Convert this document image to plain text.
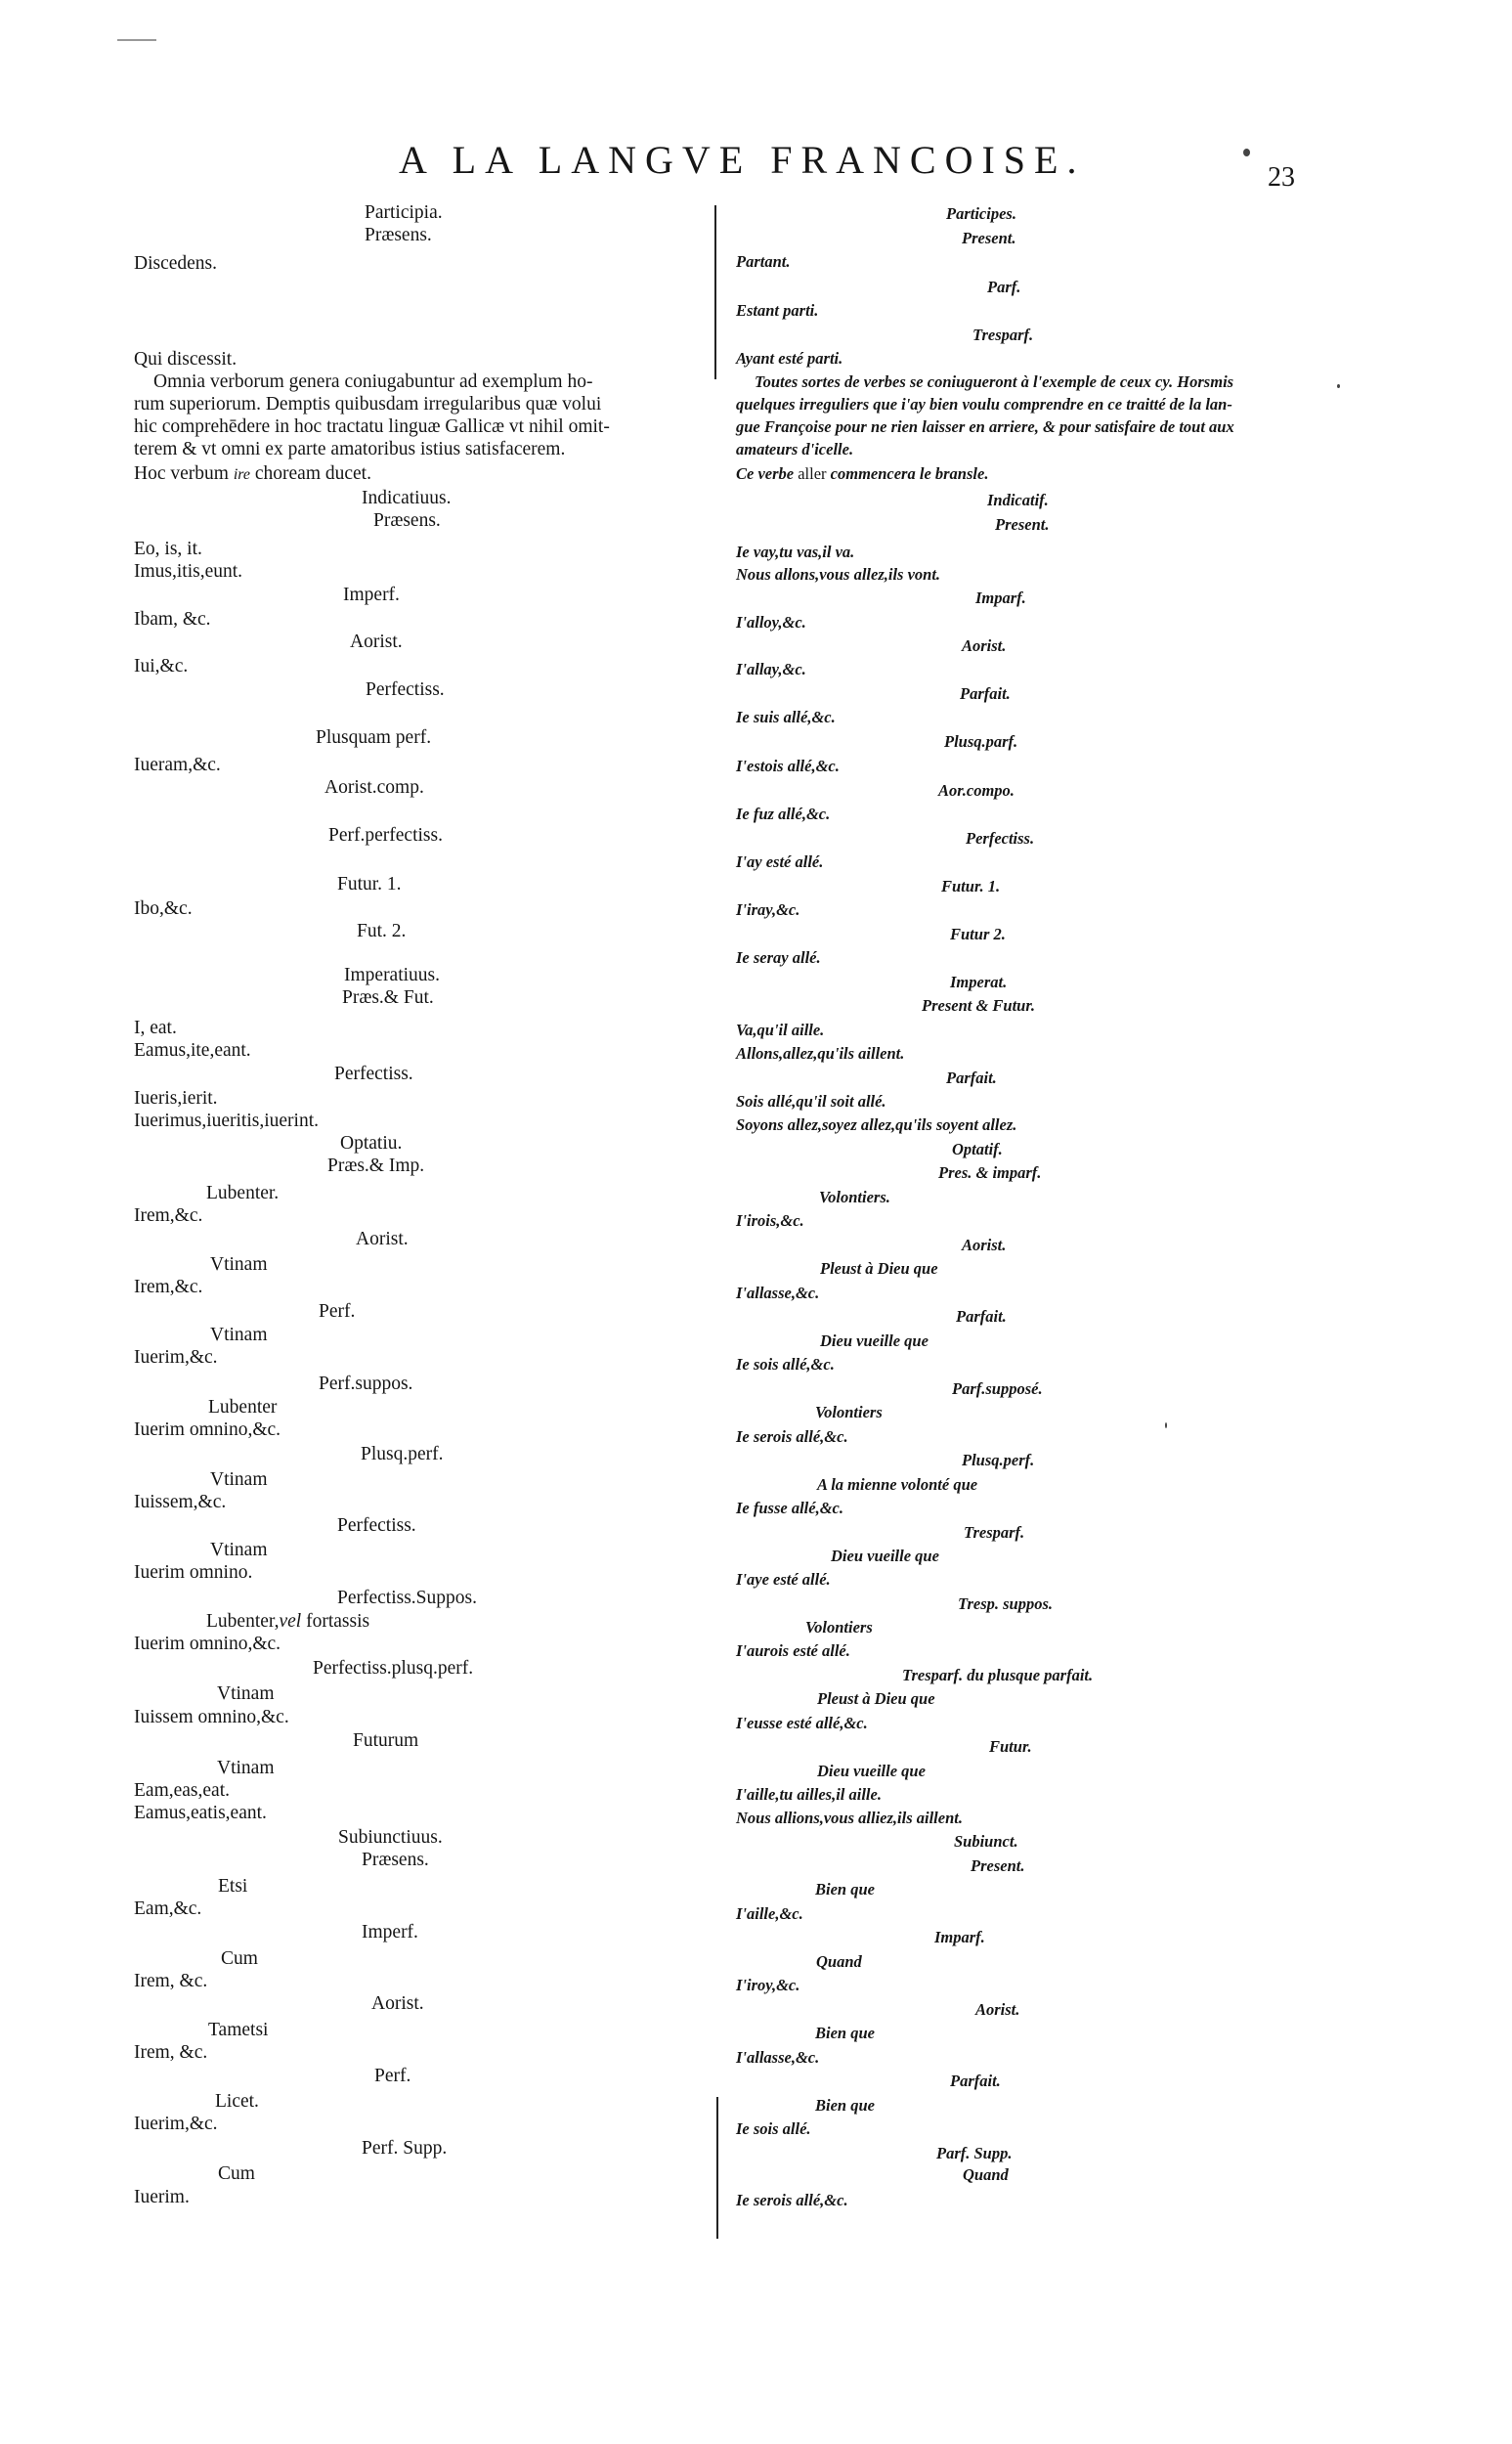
A LA LANGVE FRANCOISE.	23
Participia.
Præsens.
Discedens.
Qui discessit.
Omnia verborum genera coniugabuntur ad exemplum ho-
rum superiorum. Demptis quibusdam irregularibus quæ volui
hic comprehēdere in hoc tractatu linguæ Gallicæ vt nihil omit-
terem & vt omni ex parte amatoribus istius satisfacerem.
Hoc verbum ire choream ducet.
Indicatiuus.
Præsens.
Eo, is, it.
Imus,itis,eunt.
Imperf.
Ibam, &c.
Aorist.
Iui,&c.
Perfectiss.
Plusquam perf.
Iueram,&c.
Aorist.comp.
Perf.perfectiss.
Futur. 1.
Ibo,&c.
Fut. 2.
Imperatiuus.
Præs.& Fut.
I, eat.
Eamus,ite,eant.
Perfectiss.
Iueris,ierit.
Iuerimus,iueritis,iuerint.
Optatiu.
Præs.& Imp.
Lubenter.
Irem,&c.
Aorist.
Vtinam
Irem,&c.
Perf.
Vtinam
Iuerim,&c.
Perf.suppos.
Lubenter
Iuerim omnino,&c.
Plusq.perf.
Vtinam
Iuissem,&c.
Perfectiss.
Vtinam
Iuerim omnino.
Perfectiss.Suppos.
Lubenter,vel fortassis
Iuerim omnino,&c.
Perfectiss.plusq.perf.
Vtinam
Iuissem omnino,&c.
Futurum
Vtinam
Eam,eas,eat.
Eamus,eatis,eant.
Subiunctiuus.
Præsens.
Etsi
Eam,&c.
Imperf.
Cum
Irem, &c.
Aorist.
Tametsi
Irem, &c.
Perf.
Licet.
Iuerim,&c.
Perf. Supp.
Cum
Iuerim.
Participes.
Present.
Partant.
Parf.
Estant parti.
Tresparf.
Ayant esté parti.
Toutes sortes de verbes se coniugueront à l'exemple de ceux cy. Horsmis
quelques irreguliers que i'ay bien voulu comprendre en ce traitté de la lan-
gue Françoise pour ne rien laisser en arriere, & pour satisfaire de tout aux
amateurs d'icelle.
Ce verbe aller commencera le bransle.
Indicatif.
Present.
Ie vay,tu vas,il va.
Nous allons,vous allez,ils vont.
Imparf.
I'alloy,&c.
Aorist.
I'allay,&c.
Parfait.
Ie suis allé,&c.
Plusq.parf.
I'estois allé,&c.
Aor.compo.
Ie fuz allé,&c.
Perfectiss.
I'ay esté allé.
Futur. 1.
I'iray,&c.
Futur 2.
Ie seray allé.
Imperat.
Present & Futur.
Va,qu'il aille.
Allons,allez,qu'ils aillent.
Parfait.
Sois allé,qu'il soit allé.
Soyons allez,soyez allez,qu'ils soyent allez.
Optatif.
Pres. & imparf.
Volontiers.
I'irois,&c.
Aorist.
Pleust à Dieu que
I'allasse,&c.
Parfait.
Dieu vueille que
Ie sois allé,&c.
Parf.supposé.
Volontiers
Ie serois allé,&c.
Plusq.perf.
A la mienne volonté que
Ie fusse allé,&c.
Tresparf.
Dieu vueille que
I'aye esté allé.
Tresp. suppos.
Volontiers
I'aurois esté allé.
Tresparf. du plusque parfait.
Pleust à Dieu que
I'eusse esté allé,&c.
Futur.
Dieu vueille que
I'aille,tu ailles,il aille.
Nous allions,vous alliez,ils aillent.
Subiunct.
Present.
Bien que
I'aille,&c.
Imparf.
Quand
I'iroy,&c.
Aorist.
Bien que
I'allasse,&c.
Parfait.
Bien que
Ie sois allé.
Parf. Supp.
Quand
Ie serois allé,&c.
